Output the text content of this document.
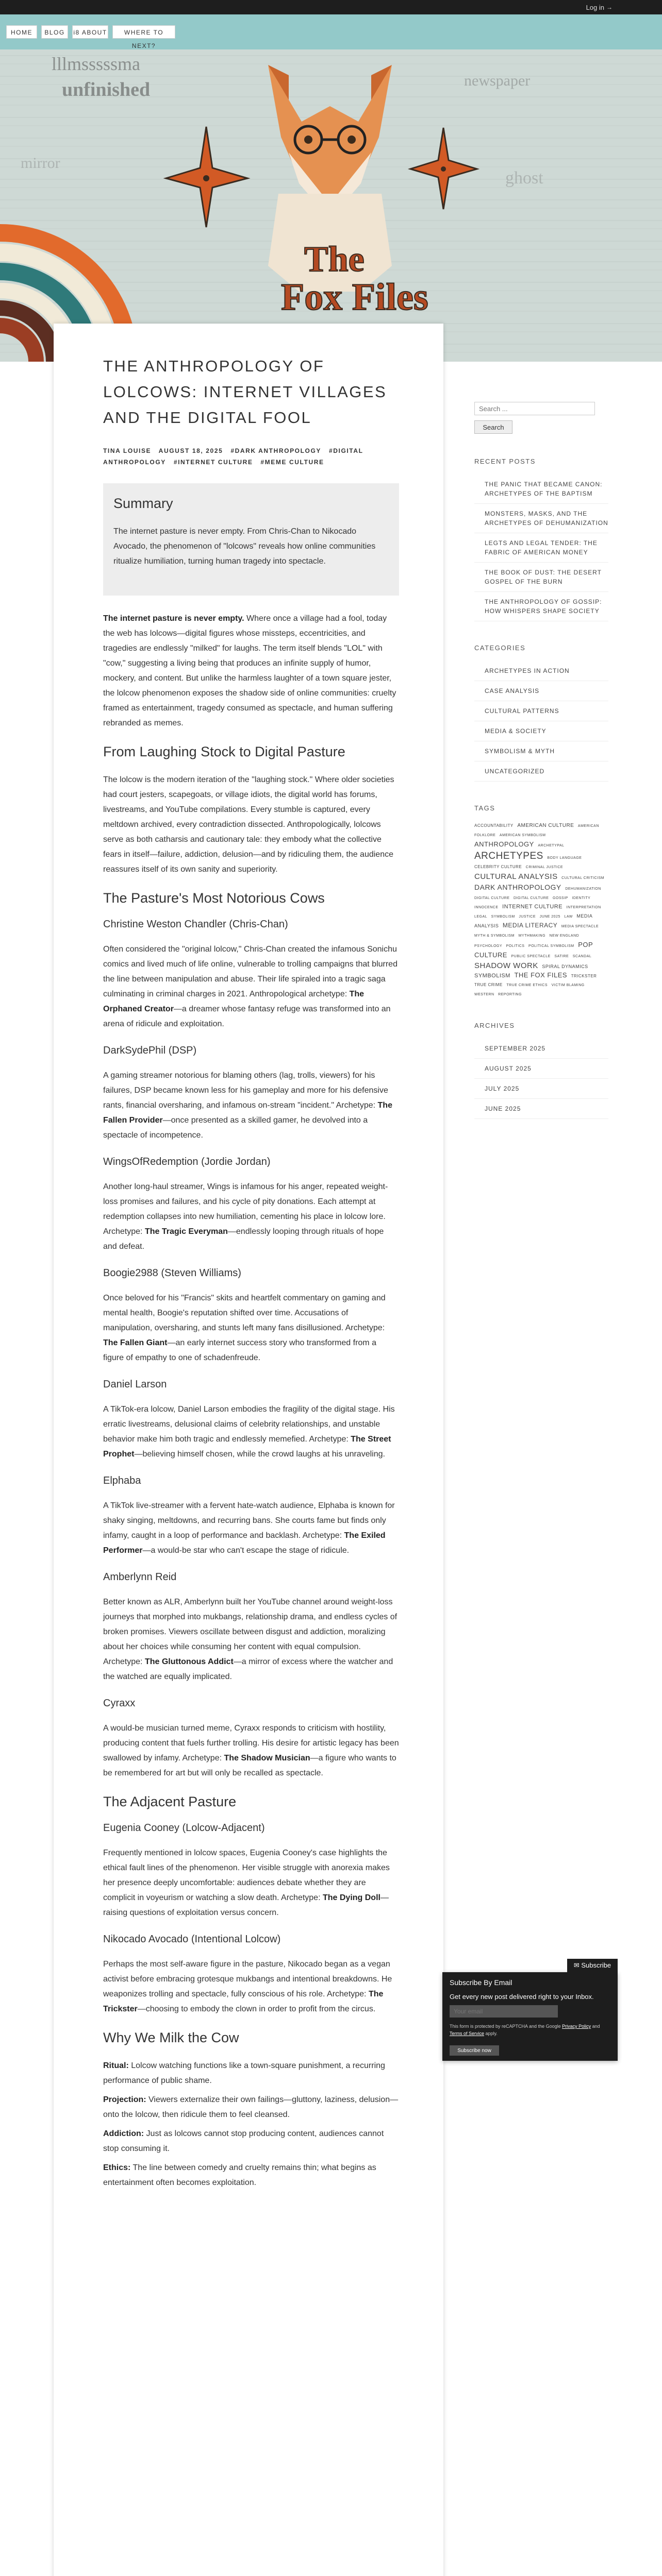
Log in →
HOME	BLOG	i8 ABOUT	WHERE TO NEXT?
lllmsssssma
unfinished	newspaper
ghost
mirror
The
Fox Files
THE ANTHROPOLOGY OF LOLCOWS: INTERNET VILLAGES AND THE DIGITAL FOOL
TINA LOUISE AUGUST 18, 2025 #DARK ANTHROPOLOGY #DIGITAL ANTHROPOLOGY #INTERNET CULTURE #MEME CULTURE
Summary

The internet pasture is never empty. From Chris-Chan to Nikocado Avocado, the phenomenon of "lolcows" reveals how online communities ritualize humiliation, turning human tragedy into spectacle.

The internet pasture is never empty. Where once a village had a fool, today the web has lolcows—digital figures whose missteps, eccentricities, and tragedies are endlessly "milked" for laughs. The term itself blends "LOL" with "cow," suggesting a living being that produces an infinite supply of humor, mockery, and content. But unlike the harmless laughter of a town square jester, the lolcow phenomenon exposes the shadow side of online communities: cruelty framed as entertainment, tragedy consumed as spectacle, and human suffering rebranded as memes.

From Laughing Stock to Digital Pasture

The lolcow is the modern iteration of the "laughing stock." Where older societies had court jesters, scapegoats, or village idiots, the digital world has forums, livestreams, and YouTube compilations. Every stumble is captured, every meltdown archived, every contradiction dissected. Anthropologically, lolcows serve as both catharsis and cautionary tale: they embody what the collective fears in itself—failure, addiction, delusion—and by ridiculing them, the audience reassures itself of its own sanity and superiority.

The Pasture's Most Notorious Cows
Christine Weston Chandler (Chris-Chan)

Often considered the "original lolcow," Chris-Chan created the infamous Sonichu comics and lived much of life online, vulnerable to trolling campaigns that blurred the line between manipulation and abuse. Their life spiraled into a tragic saga culminating in criminal charges in 2021. Anthropological archetype: The Orphaned Creator—a dreamer whose fantasy refuge was transformed into an arena of ridicule and exploitation.

DarkSydePhil (DSP)

A gaming streamer notorious for blaming others (lag, trolls, viewers) for his failures, DSP became known less for his gameplay and more for his defensive rants, financial oversharing, and infamous on-stream "incident." Archetype: The Fallen Provider—once presented as a skilled gamer, he devolved into a spectacle of incompetence.

WingsOfRedemption (Jordie Jordan)

Another long-haul streamer, Wings is infamous for his anger, repeated weight-loss promises and failures, and his cycle of pity donations. Each attempt at redemption collapses into new humiliation, cementing his place in lolcow lore. Archetype: The Tragic Everyman—endlessly looping through rituals of hope and defeat.

Boogie2988 (Steven Williams)

Once beloved for his "Francis" skits and heartfelt commentary on gaming and mental health, Boogie's reputation shifted over time. Accusations of manipulation, oversharing, and stunts left many fans disillusioned. Archetype: The Fallen Giant—an early internet success story who transformed from a figure of empathy to one of schadenfreude.

Daniel Larson

A TikTok-era lolcow, Daniel Larson embodies the fragility of the digital stage. His erratic livestreams, delusional claims of celebrity relationships, and unstable behavior make him both tragic and endlessly memefied. Archetype: The Street Prophet—believing himself chosen, while the crowd laughs at his unraveling.

Elphaba

A TikTok live-streamer with a fervent hate-watch audience, Elphaba is known for shaky singing, meltdowns, and recurring bans. She courts fame but finds only infamy, caught in a loop of performance and backlash. Archetype: The Exiled Performer—a would-be star who can't escape the stage of ridicule.

Amberlynn Reid

Better known as ALR, Amberlynn built her YouTube channel around weight-loss journeys that morphed into mukbangs, relationship drama, and endless cycles of broken promises. Viewers oscillate between disgust and addiction, moralizing about her choices while consuming her content with equal compulsion. Archetype: The Gluttonous Addict—a mirror of excess where the watcher and the watched are equally implicated.

Cyraxx

A would-be musician turned meme, Cyraxx responds to criticism with hostility, producing content that fuels further trolling. His desire for artistic legacy has been swallowed by infamy. Archetype: The Shadow Musician—a figure who wants to be remembered for art but will only be recalled as spectacle.

The Adjacent Pasture
Eugenia Cooney (Lolcow-Adjacent)

Frequently mentioned in lolcow spaces, Eugenia Cooney's case highlights the ethical fault lines of the phenomenon. Her visible struggle with anorexia makes her presence deeply uncomfortable: audiences debate whether they are complicit in voyeurism or watching a slow death. Archetype: The Dying Doll—raising questions of exploitation versus concern.

Nikocado Avocado (Intentional Lolcow)

Perhaps the most self-aware figure in the pasture, Nikocado began as a vegan activist before embracing grotesque mukbangs and intentional breakdowns. He weaponizes trolling and spectacle, fully conscious of his role. Archetype: The Trickster—choosing to embody the clown in order to profit from the circus.

Why We Milk the Cow

Ritual: Lolcow watching functions like a town-square punishment, a recurring performance of public shame.

Projection: Viewers externalize their own failings—gluttony, laziness, delusion—onto the lolcow, then ridicule them to feel cleansed.

Addiction: Just as lolcows cannot stop producing content, audiences cannot stop consuming it.

Ethics: The line between comedy and cruelty remains thin; what begins as entertainment often becomes exploitation.

Search ...
Search
RECENT POSTS
THE PANIC THAT BECAME CANON: ARCHETYPES OF THE BAPTISM
MONSTERS, MASKS, AND THE ARCHETYPES OF DEHUMANIZATION
LEGTS AND LEGAL TENDER: THE FABRIC OF AMERICAN MONEY
THE BOOK OF DUST: THE DESERT GOSPEL OF THE BURN
THE ANTHROPOLOGY OF GOSSIP: HOW WHISPERS SHAPE SOCIETY
CATEGORIES
ARCHETYPES IN ACTION
CASE ANALYSIS
CULTURAL PATTERNS
MEDIA & SOCIETY
SYMBOLISM & MYTH
UNCATEGORIZED
TAGS
ACCOUNTABILITY AMERICAN CULTURE AMERICAN FOLKLORE AMERICAN SYMBOLISM ANTHROPOLOGY ARCHETYPAL ARCHETYPES BODY LANGUAGE CELEBRITY CULTURE CRIMINAL JUSTICE CULTURAL ANALYSIS CULTURAL CRITICISM DARK ANTHROPOLOGY DEHUMANIZATION DIGITAL CULTURE DIGITAL CULTURE GOSSIP IDENTITY INNOCENCE INTERNET CULTURE INTERPRETATION LEGAL SYMBOLISM JUSTICE JUNE 2025 LAW MEDIA ANALYSIS MEDIA LITERACY MEDIA SPECTACLE MYTH & SYMBOLISM MYTHMAKING NEW ENGLAND PSYCHOLOGY POLITICS POLITICAL SYMBOLISM POP CULTURE PUBLIC SPECTACLE SATIRE SCANDAL SHADOW WORK SPIRAL DYNAMICS SYMBOLISM THE FOX FILES TRICKSTER TRUE CRIME TRUE CRIME ETHICS VICTIM BLAMING WESTERN REPORTING
ARCHIVES
SEPTEMBER 2025
AUGUST 2025
JULY 2025
JUNE 2025
✉ Subscribe
Subscribe By Email
Get every new post delivered right to your Inbox.
Your email
This form is protected by reCAPTCHA and the Google Privacy Policy and Terms of Service apply.
Subscribe now
